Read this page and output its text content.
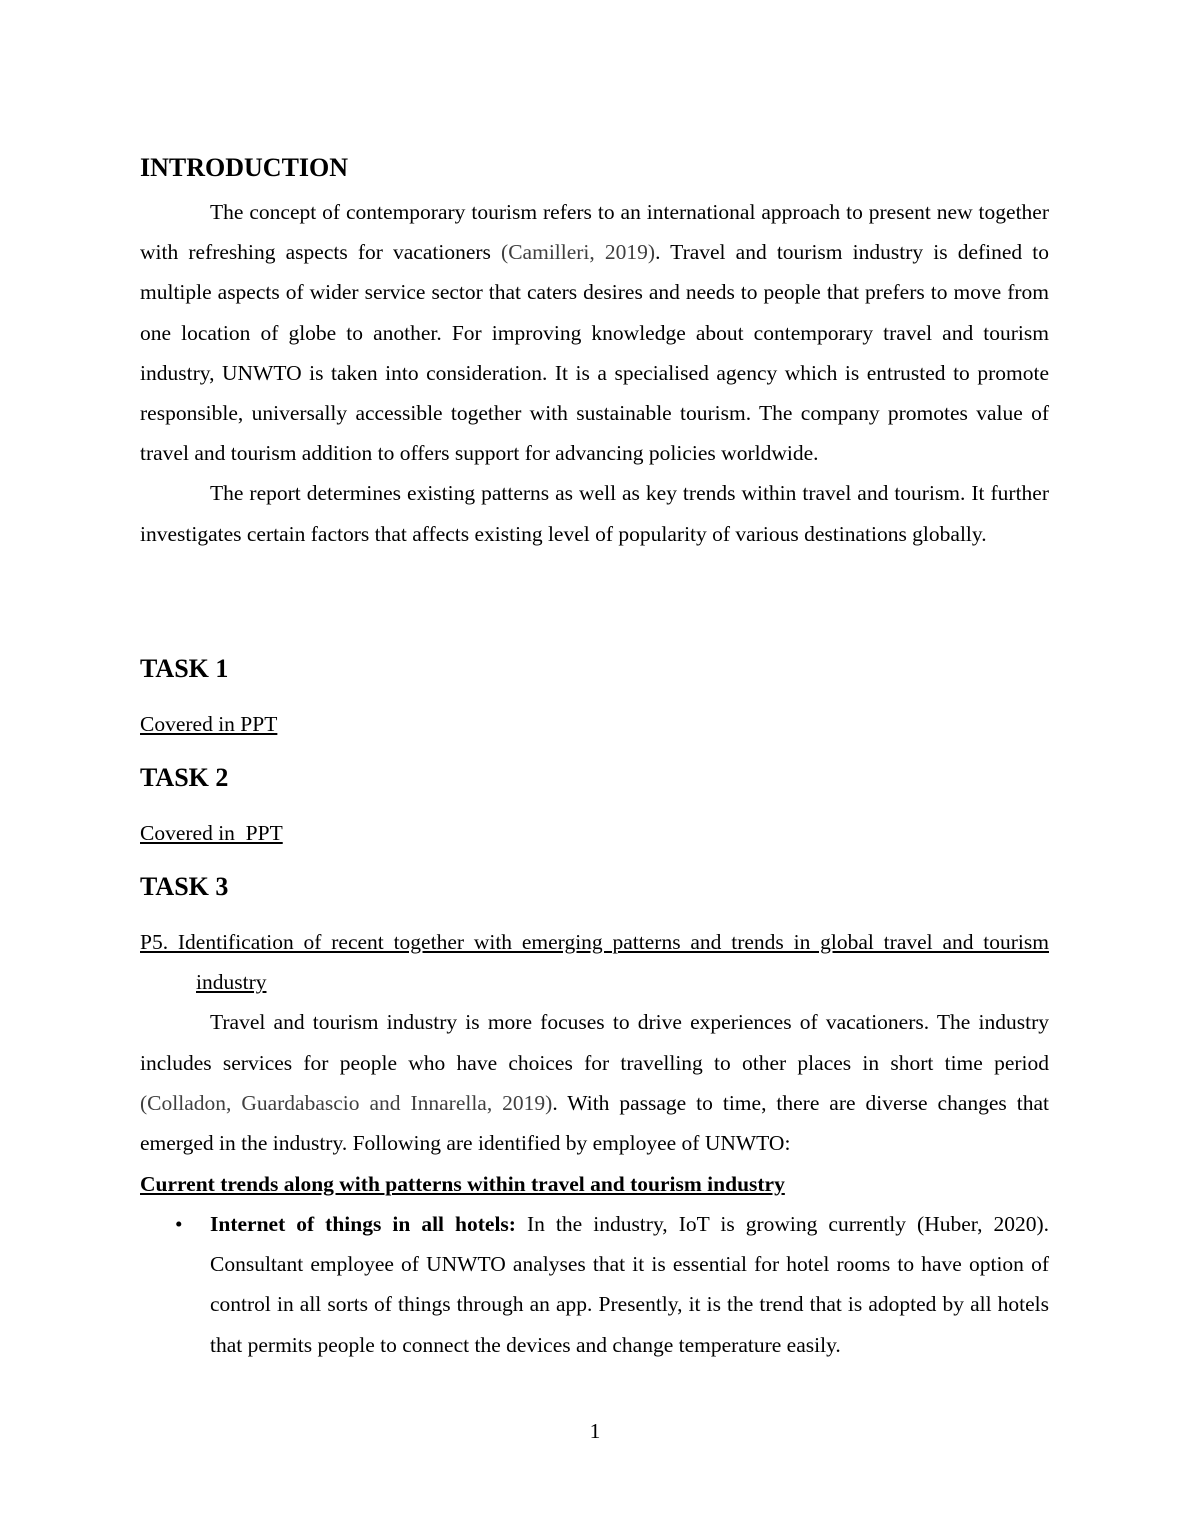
INTRODUCTION

The concept of contemporary tourism refers to an international approach to present new together with refreshing aspects for vacationers (Camilleri, 2019). Travel and tourism industry is defined to multiple aspects of wider service sector that caters desires and needs to people that prefers to move from one location of globe to another. For improving knowledge about contemporary travel and tourism industry, UNWTO is taken into consideration. It is a specialised agency which is entrusted to promote responsible, universally accessible together with sustainable tourism. The company promotes value of travel and tourism addition to offers support for advancing policies worldwide.

The report determines existing patterns as well as key trends within travel and tourism. It further investigates certain factors that affects existing level of popularity of various destinations globally.

TASK 1
Covered in PPT
TASK 2
Covered in  PPT
TASK 3

P5. Identification of recent together with emerging patterns and trends in global travel and tourism industry

Travel and tourism industry is more focuses to drive experiences of vacationers. The industry includes services for people who have choices for travelling to other places in short time period (Colladon, Guardabascio and Innarella, 2019). With passage to time, there are diverse changes that emerged in the industry. Following are identified by employee of UNWTO:

Current trends along with patterns within travel and tourism industry

• Internet of things in all hotels: In the industry, IoT is growing currently (Huber, 2020). Consultant employee of UNWTO analyses that it is essential for hotel rooms to have option of control in all sorts of things through an app. Presently, it is the trend that is adopted by all hotels that permits people to connect the devices and change temperature easily.
1
